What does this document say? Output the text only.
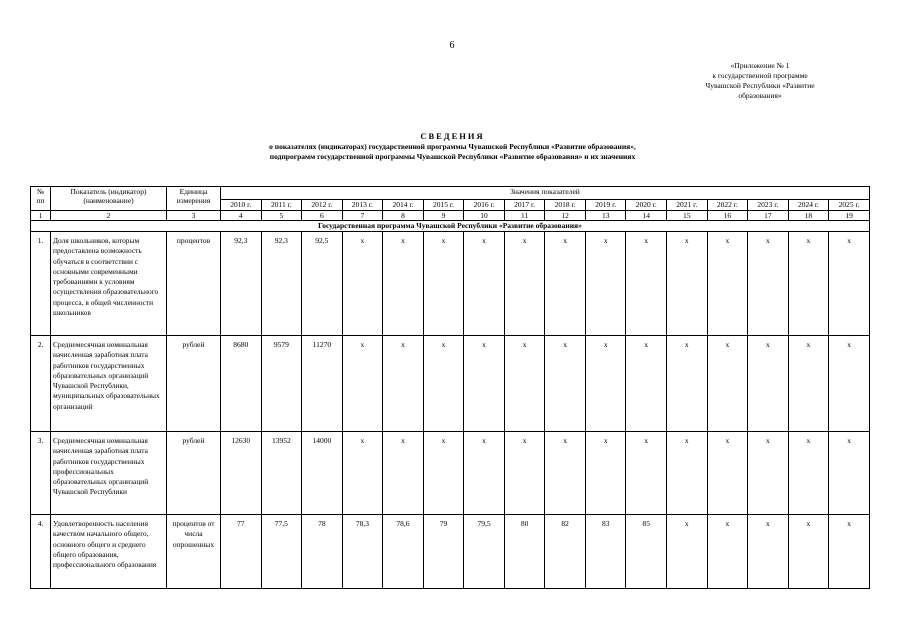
6
«Приложение № 1
к государственной программе
Чувашской Республики «Развитие
образования»
СВЕДЕНИЯ
о показателях (индикаторах) государственной программы Чувашской Республики «Развитие образования»,
подпрограмм государственной программы Чувашской Республики «Развитие образования» и их значениях
№ пп	Показатель (индикатор) (наименование)	Единица измерения	Значения показателей															
			2010 г.	2011 г.	2012 г.	2013 г.	2014 г.	2015 г.	2016 г.	2017 г.	2018 г.	2019 г.	2020 г.	2021 г.	2022 г.	2023 г.	2024 г.	2025 г.
1	2	3	4	5	6	7	8	9	10	11	12	13	14	15	16	17	18	19
Государственная программа Чувашской Республики «Развитие образования»																		
1.	Доля школьников, которым предоставлена возможность обучаться в соответствии с основными современными требованиями к условиям осуществления образовательного процесса, в общей численности школьников	процентов	92,3	92,3	92,5	х	х	х	х	х	х	х	х	х	х	х	х	х
2.	Среднемесячная номинальная начисленная заработная плата работников государственных образовательных организаций Чувашской Республики, муниципальных образовательных организаций	рублей	8680	9579	11270	х	х	х	х	х	х	х	х	х	х	х	х	х
3.	Среднемесячная номинальная начисленная заработная плата работников государственных профессиональных образовательных организаций Чувашской Республики	рублей	12630	13952	14000	х	х	х	х	х	х	х	х	х	х	х	х	х
4.	Удовлетворенность населения качеством начального общего, основного общего и среднего общего образования, профессионального образования	процентов от числа опрошенных	77	77,5	78	78,3	78,6	79	79,5	80	82	83	85	х	х	х	х	х
